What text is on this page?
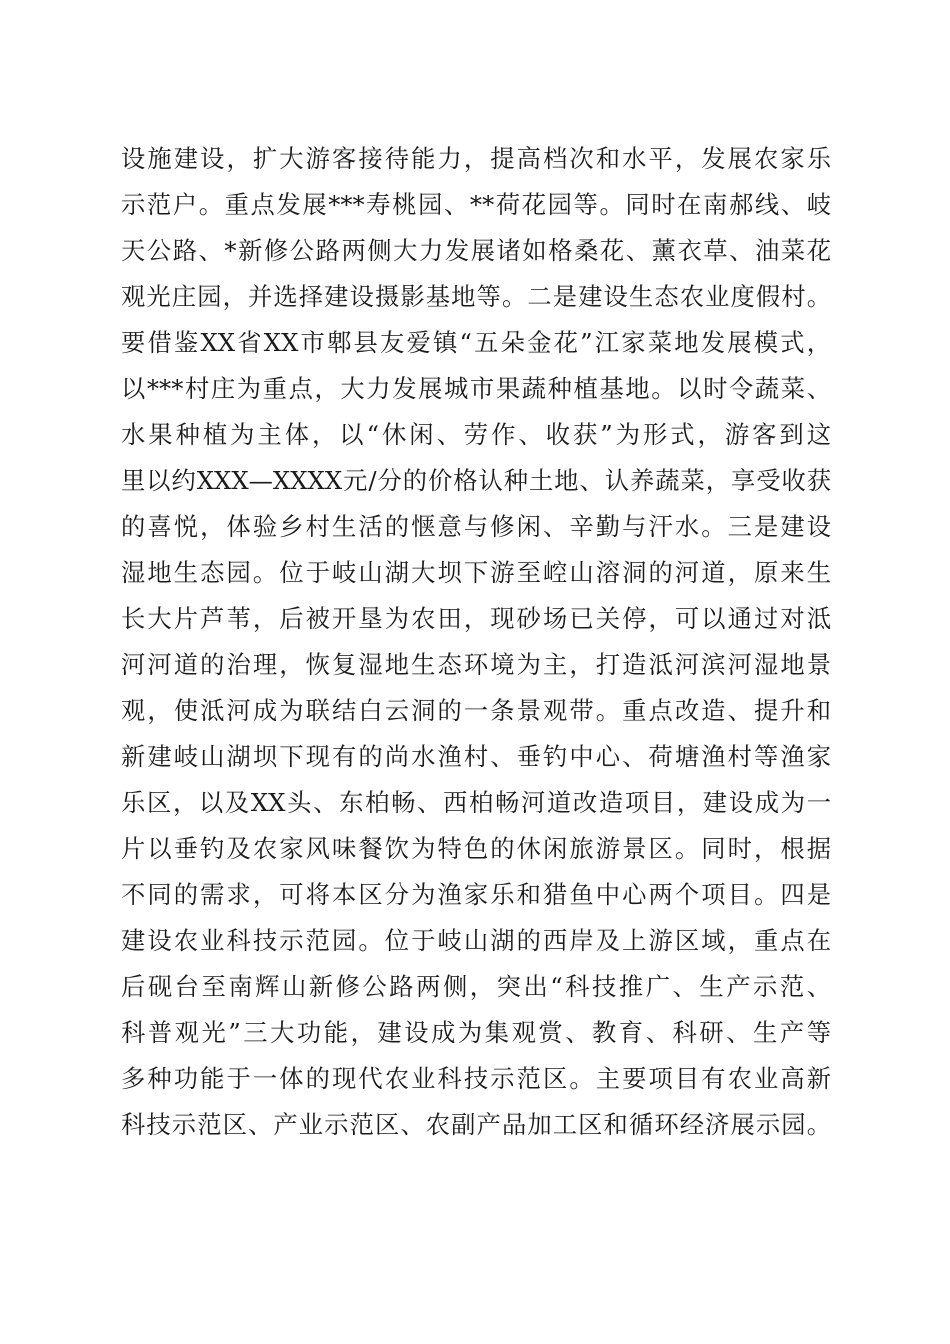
设施建设，扩大游客接待能力，提高档次和水平，发展农家乐
示范户。重点发展***寿桃园、**荷花园等。同时在南郝线、岐
天公路、*新修公路两侧大力发展诸如格桑花、薰衣草、油菜花
观光庄园，并选择建设摄影基地等。二是建设生态农业度假村。
要借鉴XX省XX市郫县友爱镇“五朵金花”江家菜地发展模式，
以***村庄为重点，大力发展城市果蔬种植基地。以时令蔬菜、
水果种植为主体，以“休闲、劳作、收获”为形式，游客到这
里以约XXX—XXXX元/分的价格认种土地、认养蔬菜，享受收获
的喜悦，体验乡村生活的惬意与修闲、辛勤与汗水。三是建设
湿地生态园。位于岐山湖大坝下游至崆山溶洞的河道，原来生
长大片芦苇，后被开垦为农田，现砂场已关停，可以通过对泜
河河道的治理，恢复湿地生态环境为主，打造泜河滨河湿地景
观，使泜河成为联结白云洞的一条景观带。重点改造、提升和
新建岐山湖坝下现有的尚水渔村、垂钓中心、荷塘渔村等渔家
乐区，以及XX头、东柏畅、西柏畅河道改造项目，建设成为一
片以垂钓及农家风味餐饮为特色的休闲旅游景区。同时，根据
不同的需求，可将本区分为渔家乐和猎鱼中心两个项目。四是
建设农业科技示范园。位于岐山湖的西岸及上游区域，重点在
后砚台至南辉山新修公路两侧，突出“科技推广、生产示范、
科普观光”三大功能，建设成为集观赏、教育、科研、生产等
多种功能于一体的现代农业科技示范区。主要项目有农业高新
科技示范区、产业示范区、农副产品加工区和循环经济展示园。
